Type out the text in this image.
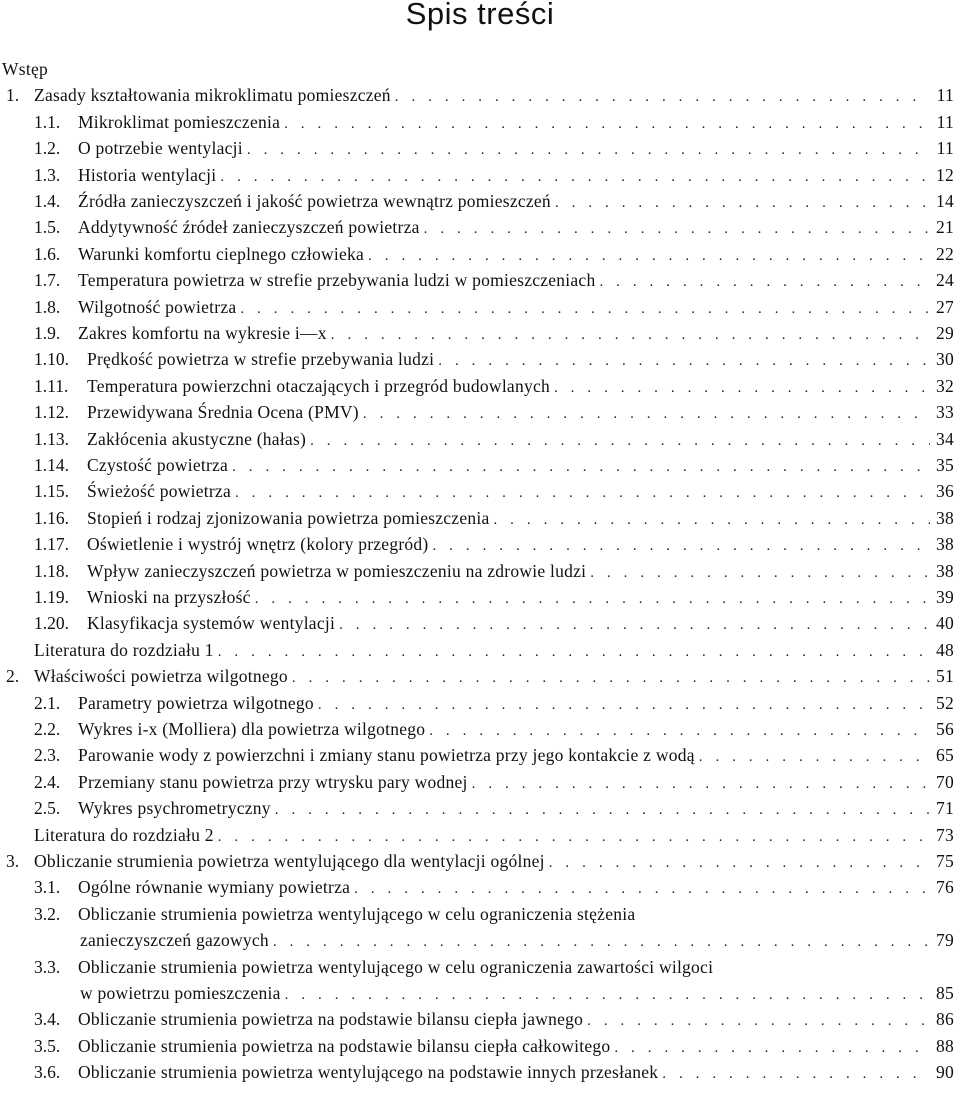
Spis treści
Wstęp
1. Zasady kształtowania mikroklimatu pomieszczeń . . .	11
1.1. Mikroklimat pomieszczenia . . .	11
1.2. O potrzebie wentylacji . . .	11
1.3. Historia wentylacji . . .	12
1.4. Źródła zanieczyszczeń i jakość powietrza wewnątrz pomieszczeń . . .	14
1.5. Addytywność źródeł zanieczyszczeń powietrza . . .	21
1.6. Warunki komfortu cieplnego człowieka . . .	22
1.7. Temperatura powietrza w strefie przebywania ludzi w pomieszczeniach . . .	24
1.8. Wilgotność powietrza . . .	27
1.9. Zakres komfortu na wykresie i—x . . .	29
1.10. Prędkość powietrza w strefie przebywania ludzi . . .	30
1.11. Temperatura powierzchni otaczających i przegród budowlanych . . .	32
1.12. Przewidywana Średnia Ocena (PMV) . . .	33
1.13. Zakłócenia akustyczne (hałas) . . .	34
1.14. Czystość powietrza . . .	35
1.15. Świeżość powietrza . . .	36
1.16. Stopień i rodzaj zjonizowania powietrza pomieszczenia . . .	38
1.17. Oświetlenie i wystrój wnętrz (kolory przegród) . . .	38
1.18. Wpływ zanieczyszczeń powietrza w pomieszczeniu na zdrowie ludzi . . .	38
1.19. Wnioski na przyszłość . . .	39
1.20. Klasyfikacja systemów wentylacji . . .	40
Literatura do rozdziału 1 . . .	48
2. Właściwości powietrza wilgotnego . . .	51
2.1. Parametry powietrza wilgotnego . . .	52
2.2. Wykres i-x (Molliera) dla powietrza wilgotnego . . .	56
2.3. Parowanie wody z powierzchni i zmiany stanu powietrza przy jego kontakcie z wodą . . .	65
2.4. Przemiany stanu powietrza przy wtrysku pary wodnej . . .	70
2.5. Wykres psychrometryczny . . .	71
Literatura do rozdziału 2 . . .	73
3. Obliczanie strumienia powietrza wentylującego dla wentylacji ogólnej . . .	75
3.1. Ogólne równanie wymiany powietrza . . .	76
3.2. Obliczanie strumienia powietrza wentylującego w celu ograniczenia stężenia
zanieczyszczeń gazowych . . .	79
3.3. Obliczanie strumienia powietrza wentylującego w celu ograniczenia zawartości wilgoci
w powietrzu pomieszczenia . . .	85
3.4. Obliczanie strumienia powietrza na podstawie bilansu ciepła jawnego . . .	86
3.5. Obliczanie strumienia powietrza na podstawie bilansu ciepła całkowitego . . .	88
3.6. Obliczanie strumienia powietrza wentylującego na podstawie innych przesłanek . . .	90
